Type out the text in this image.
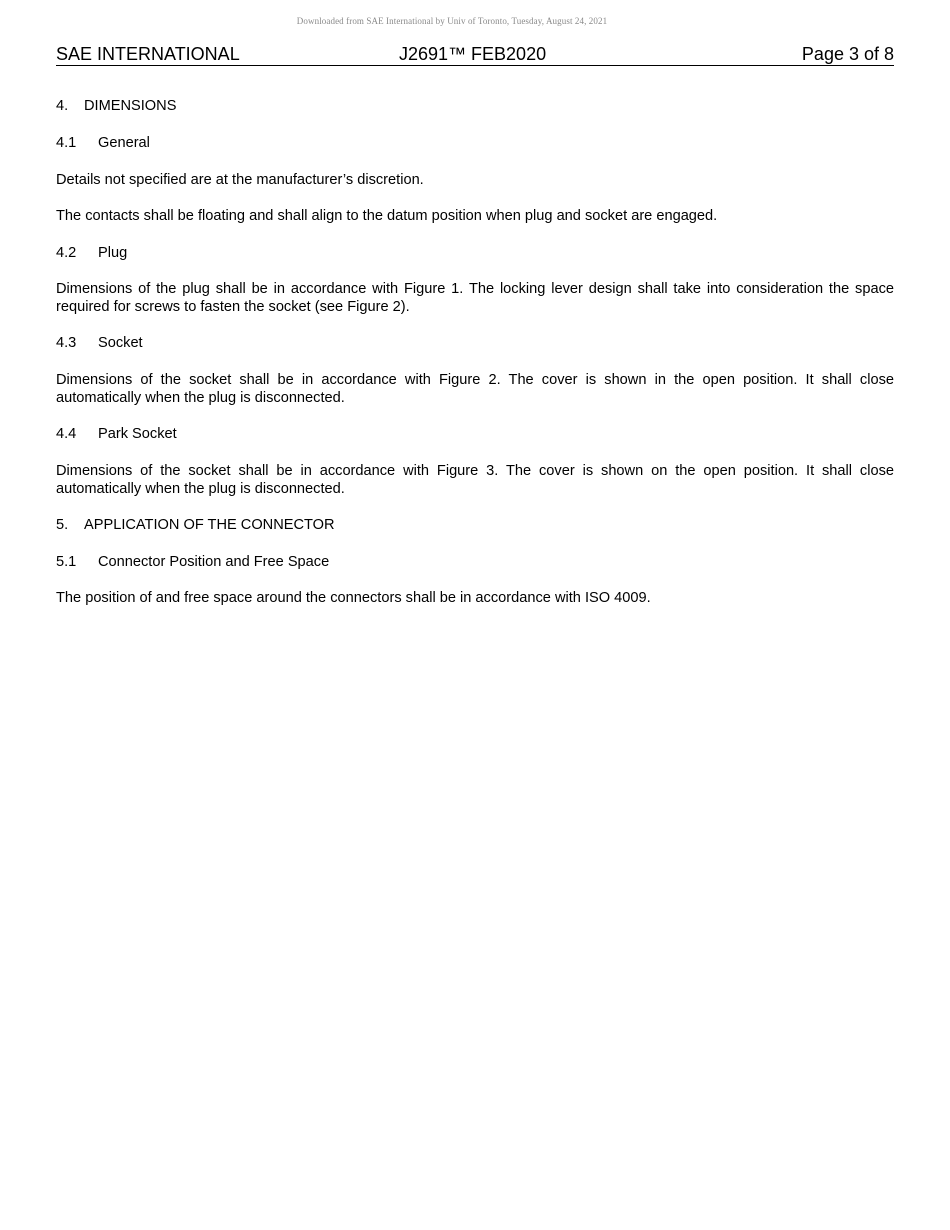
Downloaded from SAE International by Univ of Toronto, Tuesday, August 24, 2021
SAE INTERNATIONAL	J2691™ FEB2020	Page 3 of 8
4. DIMENSIONS
4.1 General
Details not specified are at the manufacturer’s discretion.
The contacts shall be floating and shall align to the datum position when plug and socket are engaged.
4.2 Plug
Dimensions of the plug shall be in accordance with Figure 1. The locking lever design shall take into consideration the space required for screws to fasten the socket (see Figure 2).
4.3 Socket
Dimensions of the socket shall be in accordance with Figure 2. The cover is shown in the open position. It shall close automatically when the plug is disconnected.
4.4 Park Socket
Dimensions of the socket shall be in accordance with Figure 3. The cover is shown on the open position. It shall close automatically when the plug is disconnected.
5. APPLICATION OF THE CONNECTOR
5.1 Connector Position and Free Space
The position of and free space around the connectors shall be in accordance with ISO 4009.
